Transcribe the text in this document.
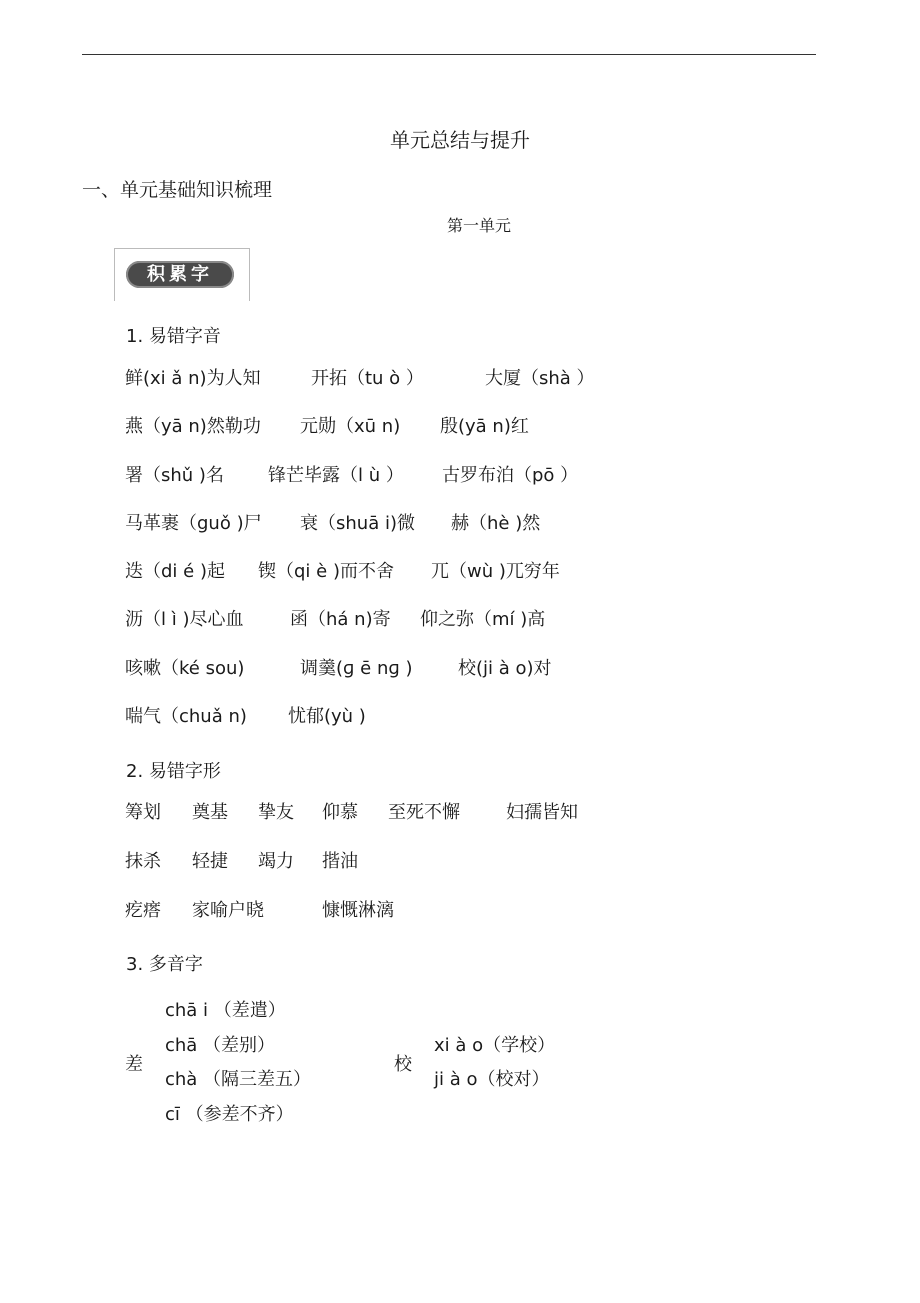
单元总结与提升
一、单元基础知识梳理
第一单元
积累字
1. 易错字音
鲜(xi ǎ n)为人知	开拓（tu ò ）	大厦（shà ）
燕（yā n)然勒功 元勋（xū n) 殷(yā n)红
署（shǔ )名 锋芒毕露（l ù ） 古罗布泊（pō ）
马革裹（guǒ )尸 衰（shuā i)微 赫（hè )然
迭（di é )起 锲（qi è )而不舍 兀（wù )兀穷年
沥（l ì )尽心血	函（há n)寄 仰之弥（mí )高
咳嗽（ké sou)	调羹(ɡ ē nɡ )	校(ji à o)对
喘气（chuǎ n) 忧郁(yù )
2. 易错字形
筹划 奠基 挚友 仰慕 至死不懈	妇孺皆知
抹杀 轻捷 竭力 揩油
疙瘩 家喻户晓	慷慨淋漓
3. 多音字
差
chā i （差遣）
chā （差别）
chà （隔三差五）
cī （参差不齐）
校
xi à o（学校）
ji à o（校对）
